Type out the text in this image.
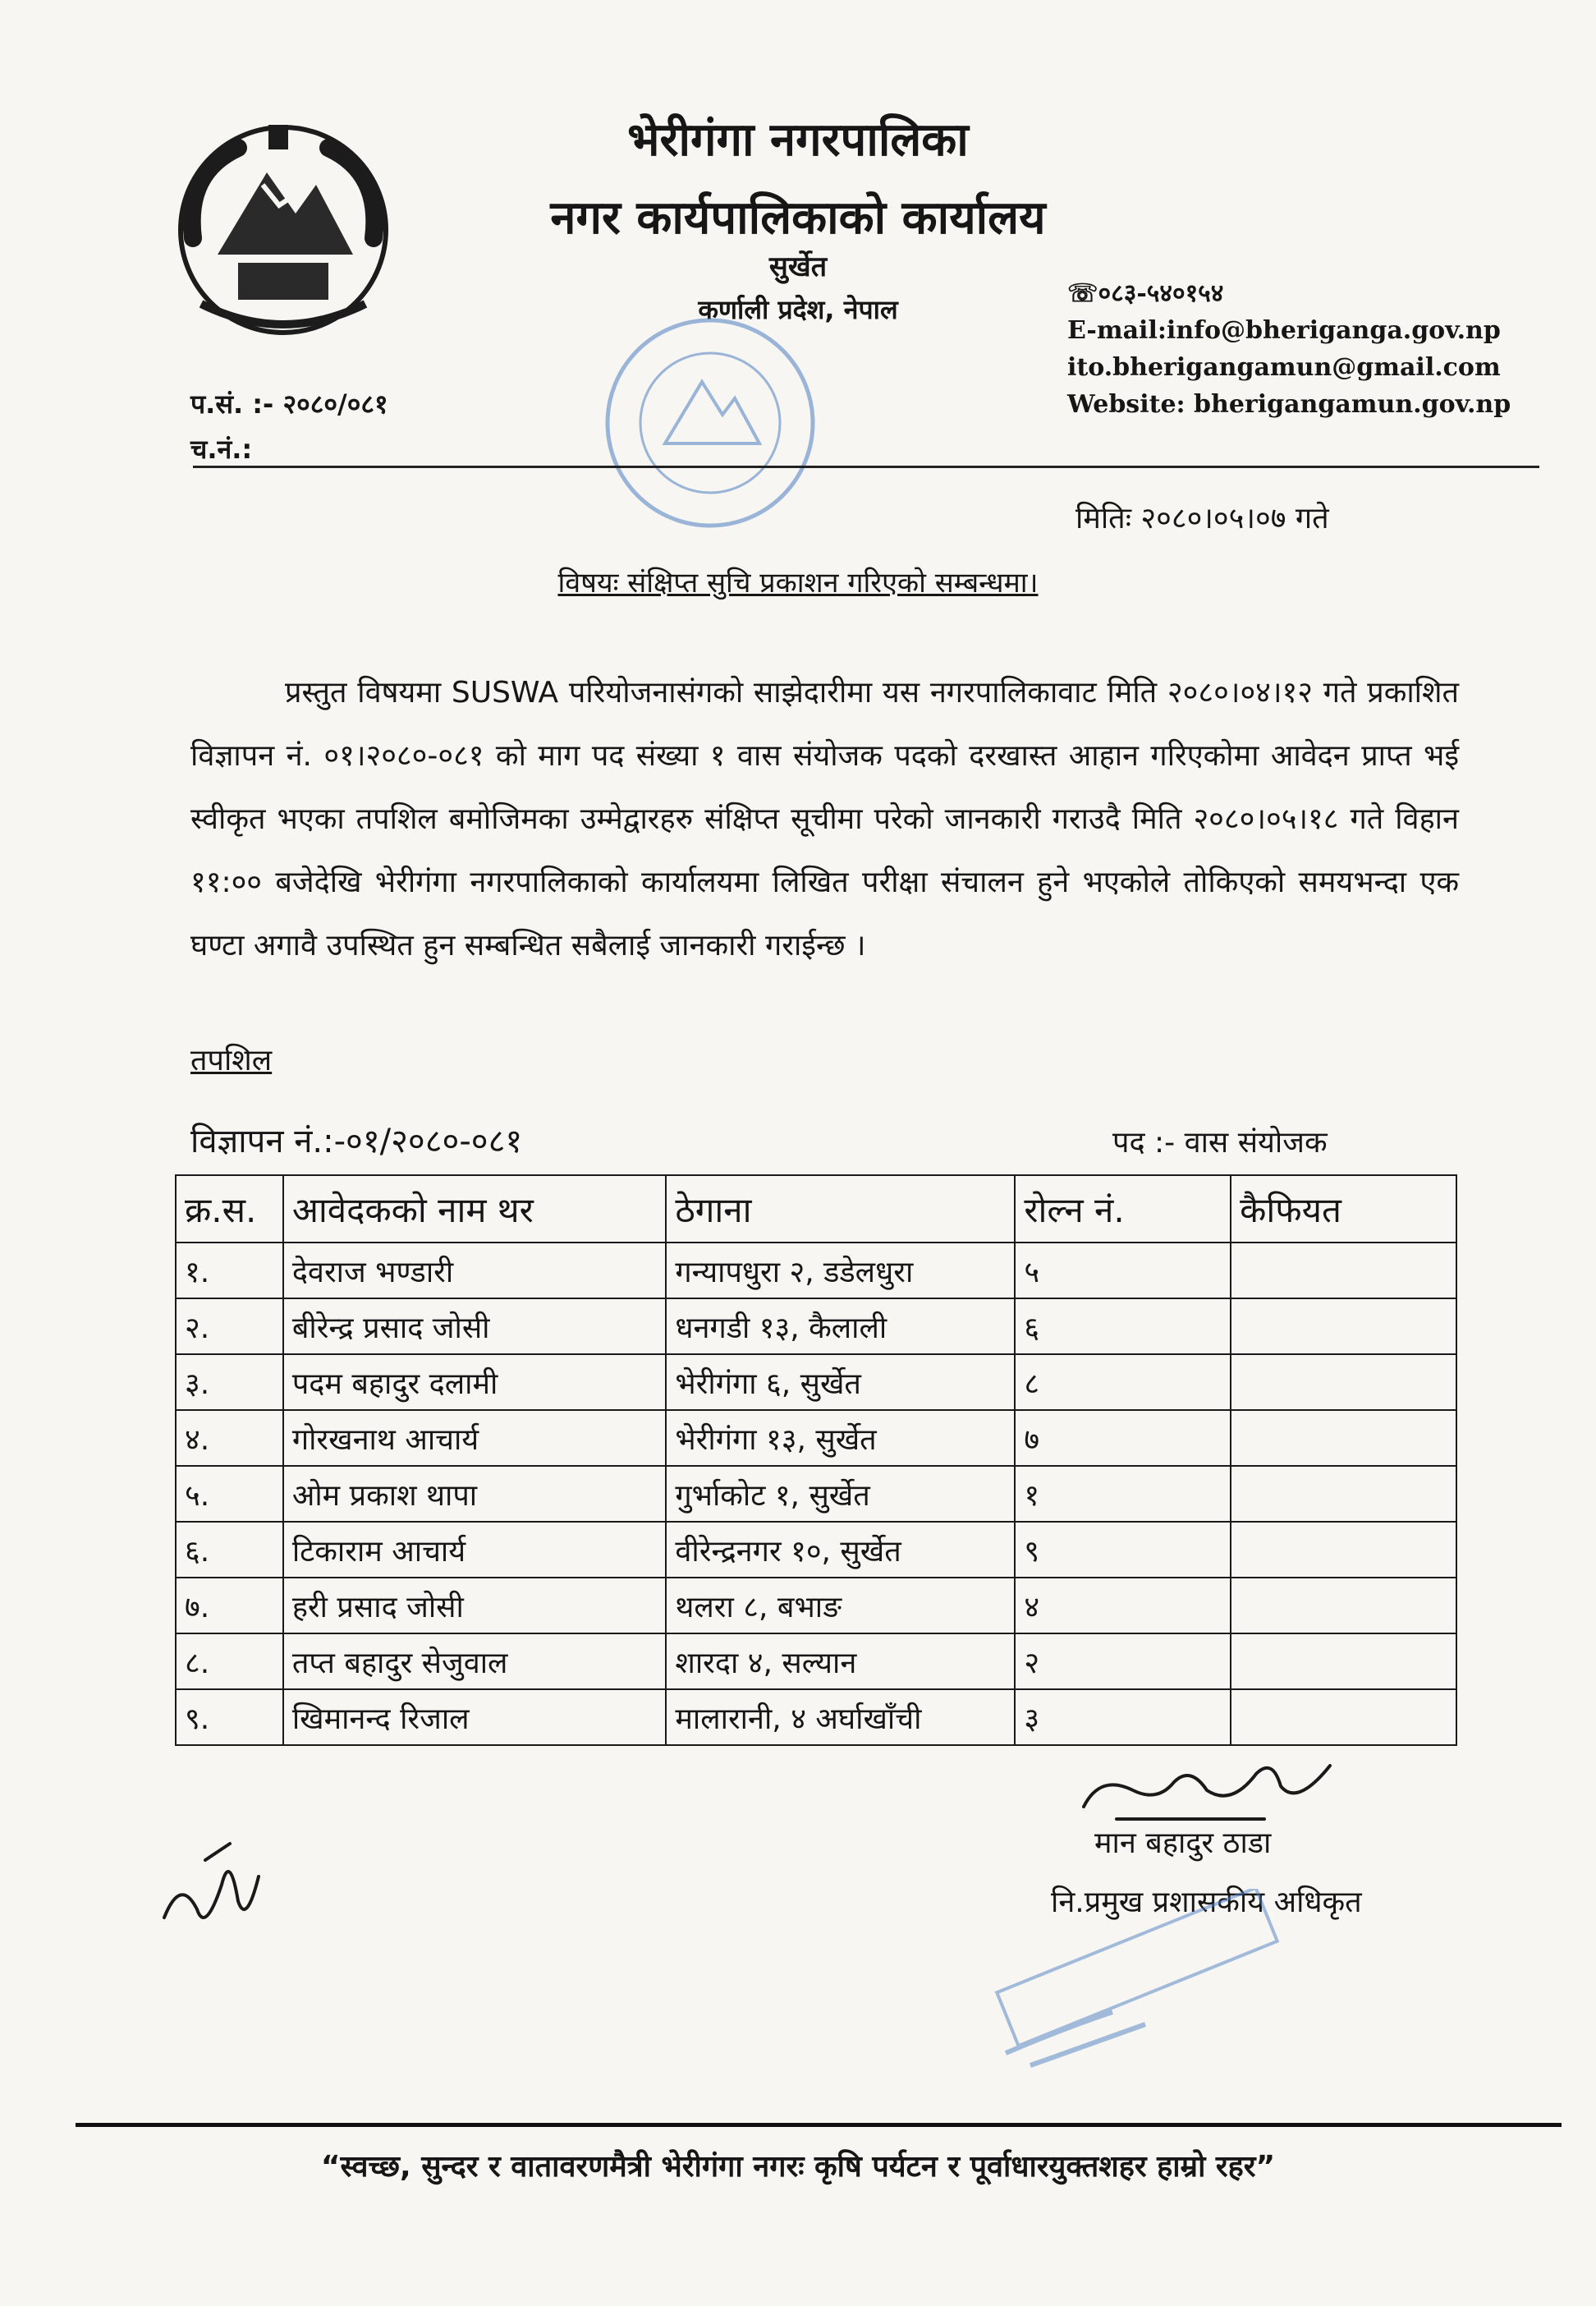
भेरीगंगा नगरपालिका
नगर कार्यपालिकाको कार्यालय
सुर्खेत
कर्णाली प्रदेश, नेपाल
☏०८३-५४०१५४
E-mail:info@bheriganga.gov.np
ito.bherigangamun@gmail.com
Website: bherigangamun.gov.np
प.सं. :- २०८०/०८१
च.नं.:
मितिः २०८०।०५।०७ गते
विषयः संक्षिप्त सुचि प्रकाशन गरिएको सम्बन्धमा।
प्रस्तुत विषयमा SUSWA परियोजनासंगको साझेदारीमा यस नगरपालिकावाट मिति २०८०।०४।१२ गते प्रकाशित विज्ञापन नं. ०१।२०८०-०८१ को माग पद संख्या १ वास संयोजक पदको दरखास्त आहान गरिएकोमा आवेदन प्राप्त भई स्वीकृत भएका तपशिल बमोजिमका उम्मेद्वारहरु संक्षिप्त सूचीमा परेको जानकारी गराउदै मिति २०८०।०५।१८ गते विहान ११:०० बजेदेखि भेरीगंगा नगरपालिकाको कार्यालयमा लिखित परीक्षा संचालन हुने भएकोले तोकिएको समयभन्दा एक घण्टा अगावै उपस्थित हुन सम्बन्धित सबैलाई जानकारी गराईन्छ ।
तपशिल
विज्ञापन नं.:-०१/२०८०-०८१	पद :- वास संयोजक
क्र.स.	आवेदकको नाम थर	ठेगाना	रोल्न नं.	कैफियत
१.	देवराज भण्डारी	गन्यापधुरा २, डडेलधुरा	५	
२.	बीरेन्द्र प्रसाद जोसी	धनगडी १३, कैलाली	६	
३.	पदम बहादुर दलामी	भेरीगंगा ६, सुर्खेत	८	
४.	गोरखनाथ आचार्य	भेरीगंगा १३, सुर्खेत	७	
५.	ओम प्रकाश थापा	गुर्भाकोट १, सुर्खेत	१	
६.	टिकाराम आचार्य	वीरेन्द्रनगर १०, सुर्खेत	९	
७.	हरी प्रसाद जोसी	थलरा ८, बभाङ	४	
८.	तप्त बहादुर सेजुवाल	शारदा ४, सल्यान	२	
९.	खिमानन्द रिजाल	मालारानी, ४ अर्घाखाँची	३	
मान बहादुर ठाडा
नि.प्रमुख प्रशासकीय अधिकृत
“स्वच्छ, सुन्दर र वातावरणमैत्री भेरीगंगा नगरः कृषि पर्यटन र पूर्वाधारयुक्तशहर हाम्रो रहर”
